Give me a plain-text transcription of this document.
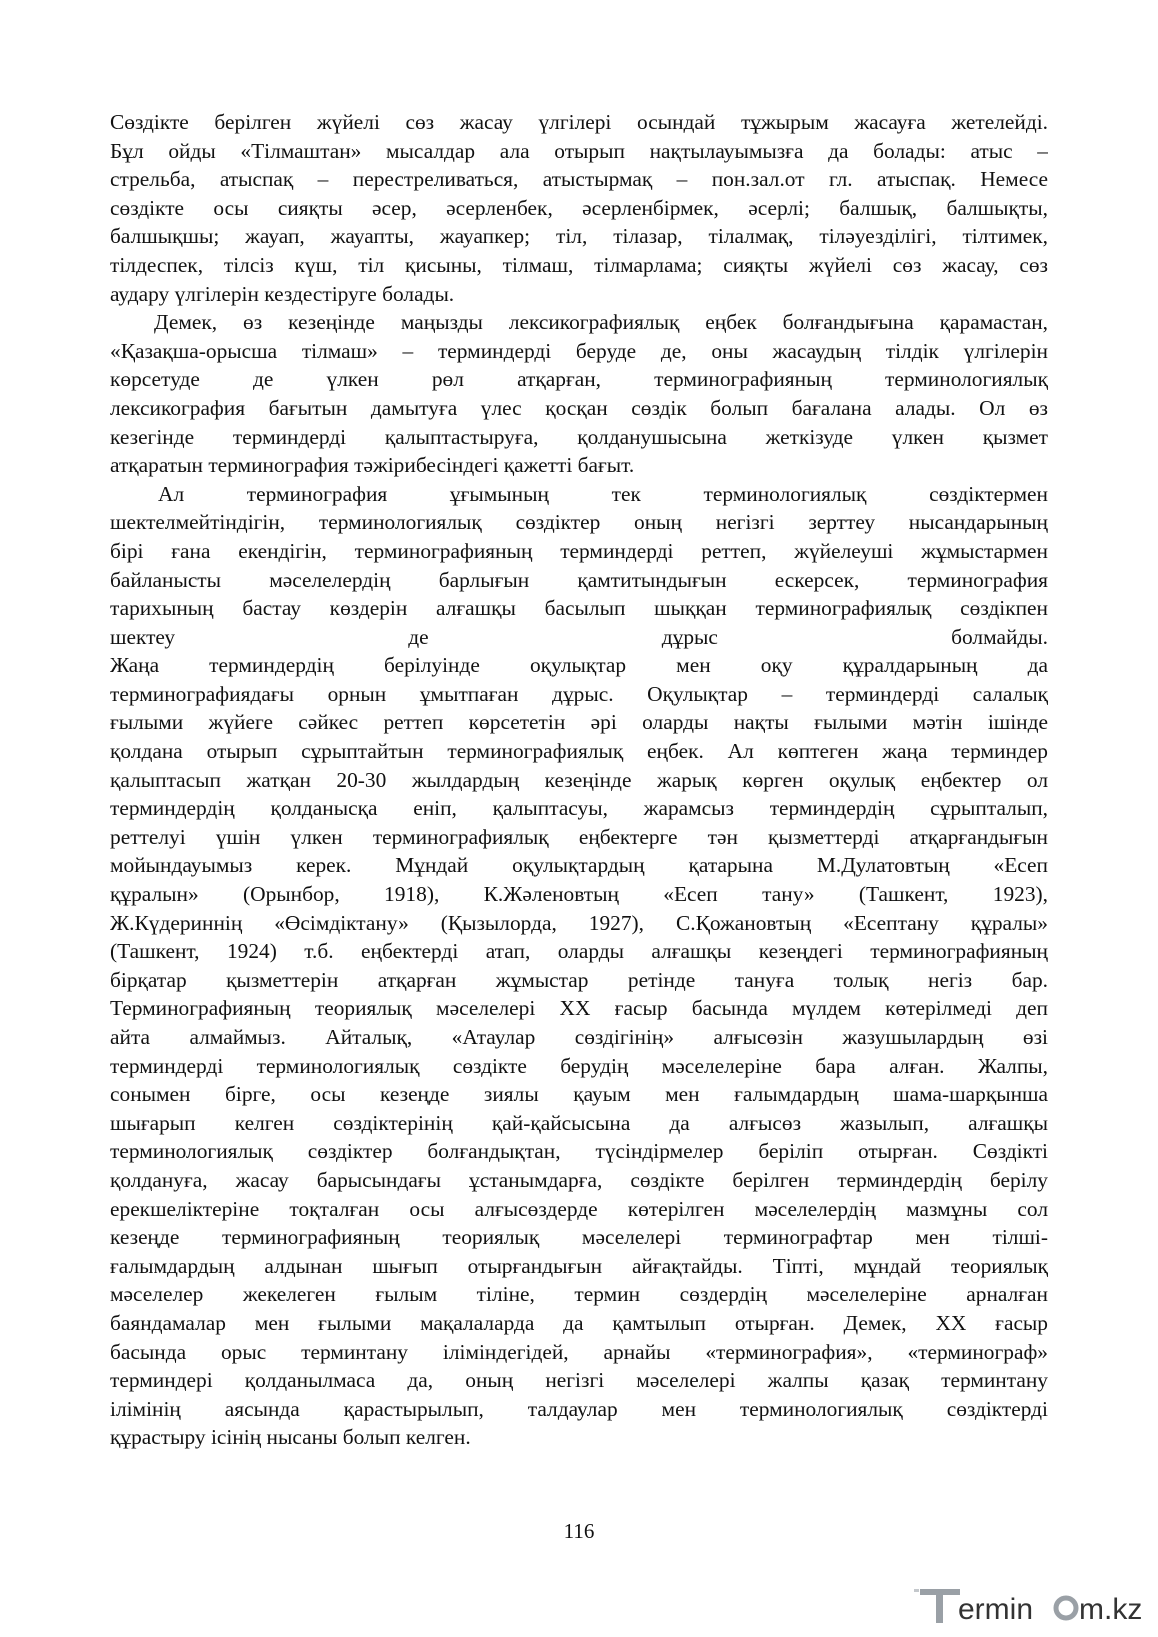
Сөздікте берілген жүйелі сөз жасау үлгілері осындай тұжырым жасауға жетелейді.
Бұл ойды «Тілмаштан» мысалдар ала отырып нақтылауымызға да болады: атыс –
стрельба, атыспақ – перестреливаться, атыстырмақ – пон.зал.от гл. атыспақ. Немесе
сөздікте осы сияқты әсер, әсерленбек, әсерленбірмек, әсерлі; балшық, балшықты,
балшықшы; жауап, жауапты, жауапкер; тіл, тілазар, тілалмақ, тіләуезділігі, тілтимек,
тілдеспек, тілсіз күш, тіл қисыны, тілмаш, тілмарлама; сияқты жүйелі сөз жасау, сөз
аудару үлгілерін кездестіруге болады.
Демек, өз кезеңінде маңызды лексикографиялық еңбек болғандығына қарамастан,
«Қазақша-орысша тілмаш» – терминдерді беруде де, оны жасаудың тілдік үлгілерін
көрсетуде де үлкен рөл атқарған, терминографияның терминологиялық
лексикография бағытын дамытуға үлес қосқан сөздік болып бағалана алады. Ол өз
кезегінде терминдерді қалыптастыруға, қолданушысына жеткізуде үлкен қызмет
атқаратын терминография тәжірибесіндегі қажетті бағыт.
Ал терминография ұғымының тек терминологиялық сөздіктермен
шектелмейтіндігін, терминологиялық сөздіктер оның негізгі зерттеу нысандарының
бірі ғана екендігін, терминографияның терминдерді реттеп, жүйелеуші жұмыстармен
байланысты мәселелердің барлығын қамтитындығын ескерсек, терминография
тарихының бастау көздерін алғашқы басылып шыққан терминографиялық сөздікпен
шектеу де дұрыс болмайды.
Жаңа терминдердің берілуінде оқулықтар мен оқу құралдарының да
терминографиядағы орнын ұмытпаған дұрыс. Оқулықтар – терминдерді салалық
ғылыми жүйеге сәйкес реттеп көрсететін әрі оларды нақты ғылыми мәтін ішінде
қолдана отырып сұрыптайтын терминографиялық еңбек. Ал көптеген жаңа терминдер
қалыптасып жатқан 20-30 жылдардың кезеңінде жарық көрген оқулық еңбектер ол
терминдердің қолданысқа еніп, қалыптасуы, жарамсыз терминдердің сұрыпталып,
реттелуі үшін үлкен терминографиялық еңбектерге тән қызметтерді атқарғандығын
мойындауымыз керек. Мұндай оқулықтардың қатарына М.Дулатовтың «Есеп
құралын» (Орынбор, 1918), К.Жәленовтың «Есеп тану» (Ташкент, 1923),
Ж.Күдериннің «Өсімдіктану» (Қызылорда, 1927), С.Қожановтың «Есептану құралы»
(Ташкент, 1924) т.б. еңбектерді атап, оларды алғашқы кезеңдегі терминографияның
бірқатар қызметтерін атқарған жұмыстар ретінде тануға толық негіз бар.
Терминографияның теориялық мәселелері ХХ ғасыр басында мүлдем көтерілмеді деп
айта алмаймыз. Айталық, «Атаулар сөздігінің» алғысөзін жазушылардың өзі
терминдерді терминологиялық сөздікте берудің мәселелеріне бара алған. Жалпы,
сонымен бірге, осы кезеңде зиялы қауым мен ғалымдардың шама-шарқынша
шығарып келген сөздіктерінің қай-қайсысына да алғысөз жазылып, алғашқы
терминологиялық сөздіктер болғандықтан, түсіндірмелер беріліп отырған. Сөздікті
қолдануға, жасау барысындағы ұстанымдарға, сөздікте берілген терминдердің берілу
ерекшеліктеріне тоқталған осы алғысөздерде көтерілген мәселелердің мазмұны сол
кезеңде терминографияның теориялық мәселелері терминографтар мен тілші-
ғалымдардың алдынан шығып отырғандығын айғақтайды. Тіпті, мұндай теориялық
мәселелер жекелеген ғылым тіліне, термин сөздердің мәселелеріне арналған
баяндамалар мен ғылыми мақалаларда да қамтылып отырған. Демек, ХХ ғасыр
басында орыс терминтану іліміндегідей, арнайы «терминография», «терминограф»
терминдері қолданылмаса да, оның негізгі мәселелері жалпы қазақ терминтану
ілімінің аясында қарастырылып, талдаулар мен терминологиялық сөздіктерді
құрастыру ісінің нысаны болып келген.
116
ermin m.kz
